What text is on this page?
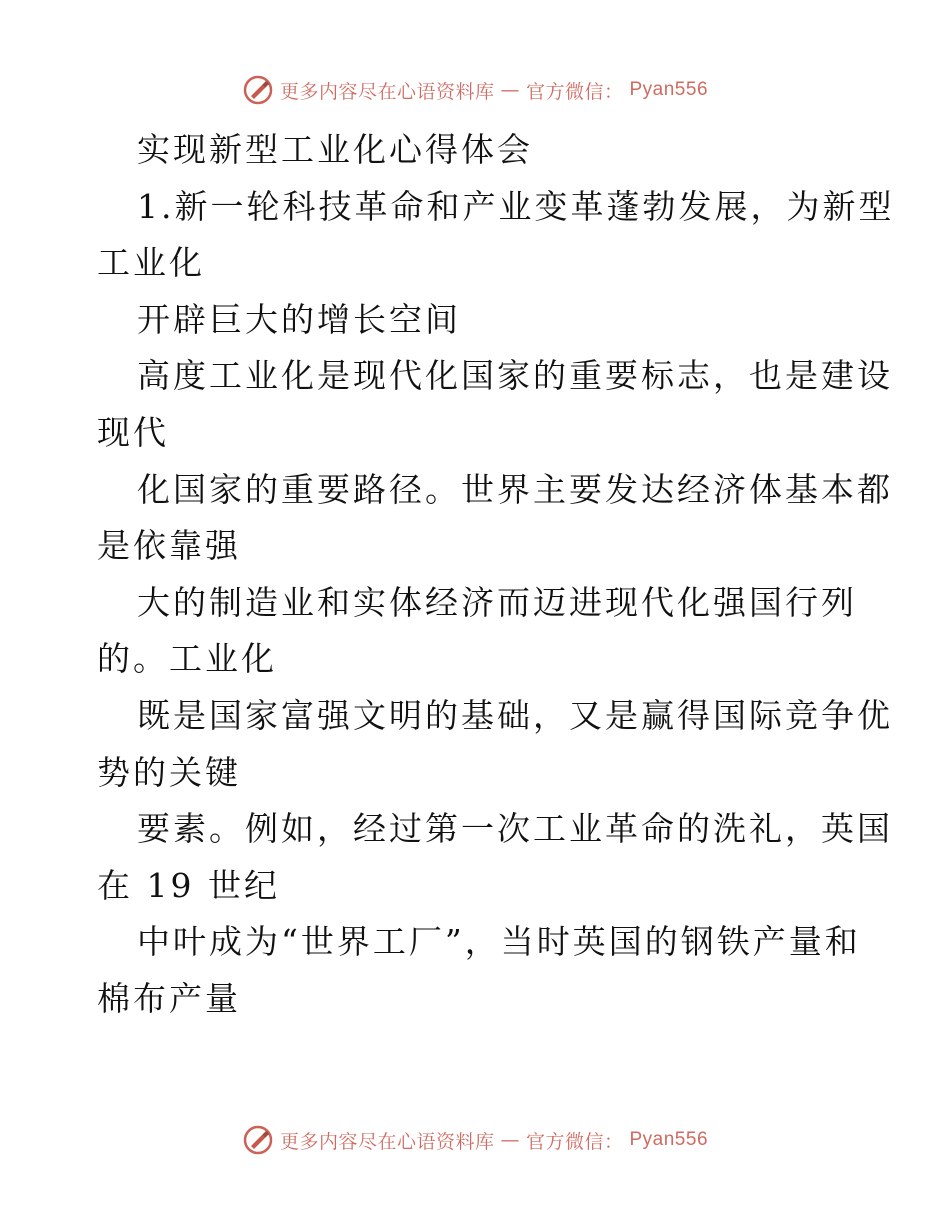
更多内容尽在心语资料库 — 官方微信： Pyan556
实现新型工业化心得体会
1.新一轮科技革命和产业变革蓬勃发展，为新型
工业化
开辟巨大的增长空间
高度工业化是现代化国家的重要标志，也是建设
现代
化国家的重要路径。世界主要发达经济体基本都
是依靠强
大的制造业和实体经济而迈进现代化强国行列
的。工业化
既是国家富强文明的基础，又是赢得国际竞争优
势的关键
要素。例如，经过第一次工业革命的洗礼，英国
在 19 世纪
中叶成为“世界工厂”，当时英国的钢铁产量和
棉布产量
更多内容尽在心语资料库 — 官方微信： Pyan556
